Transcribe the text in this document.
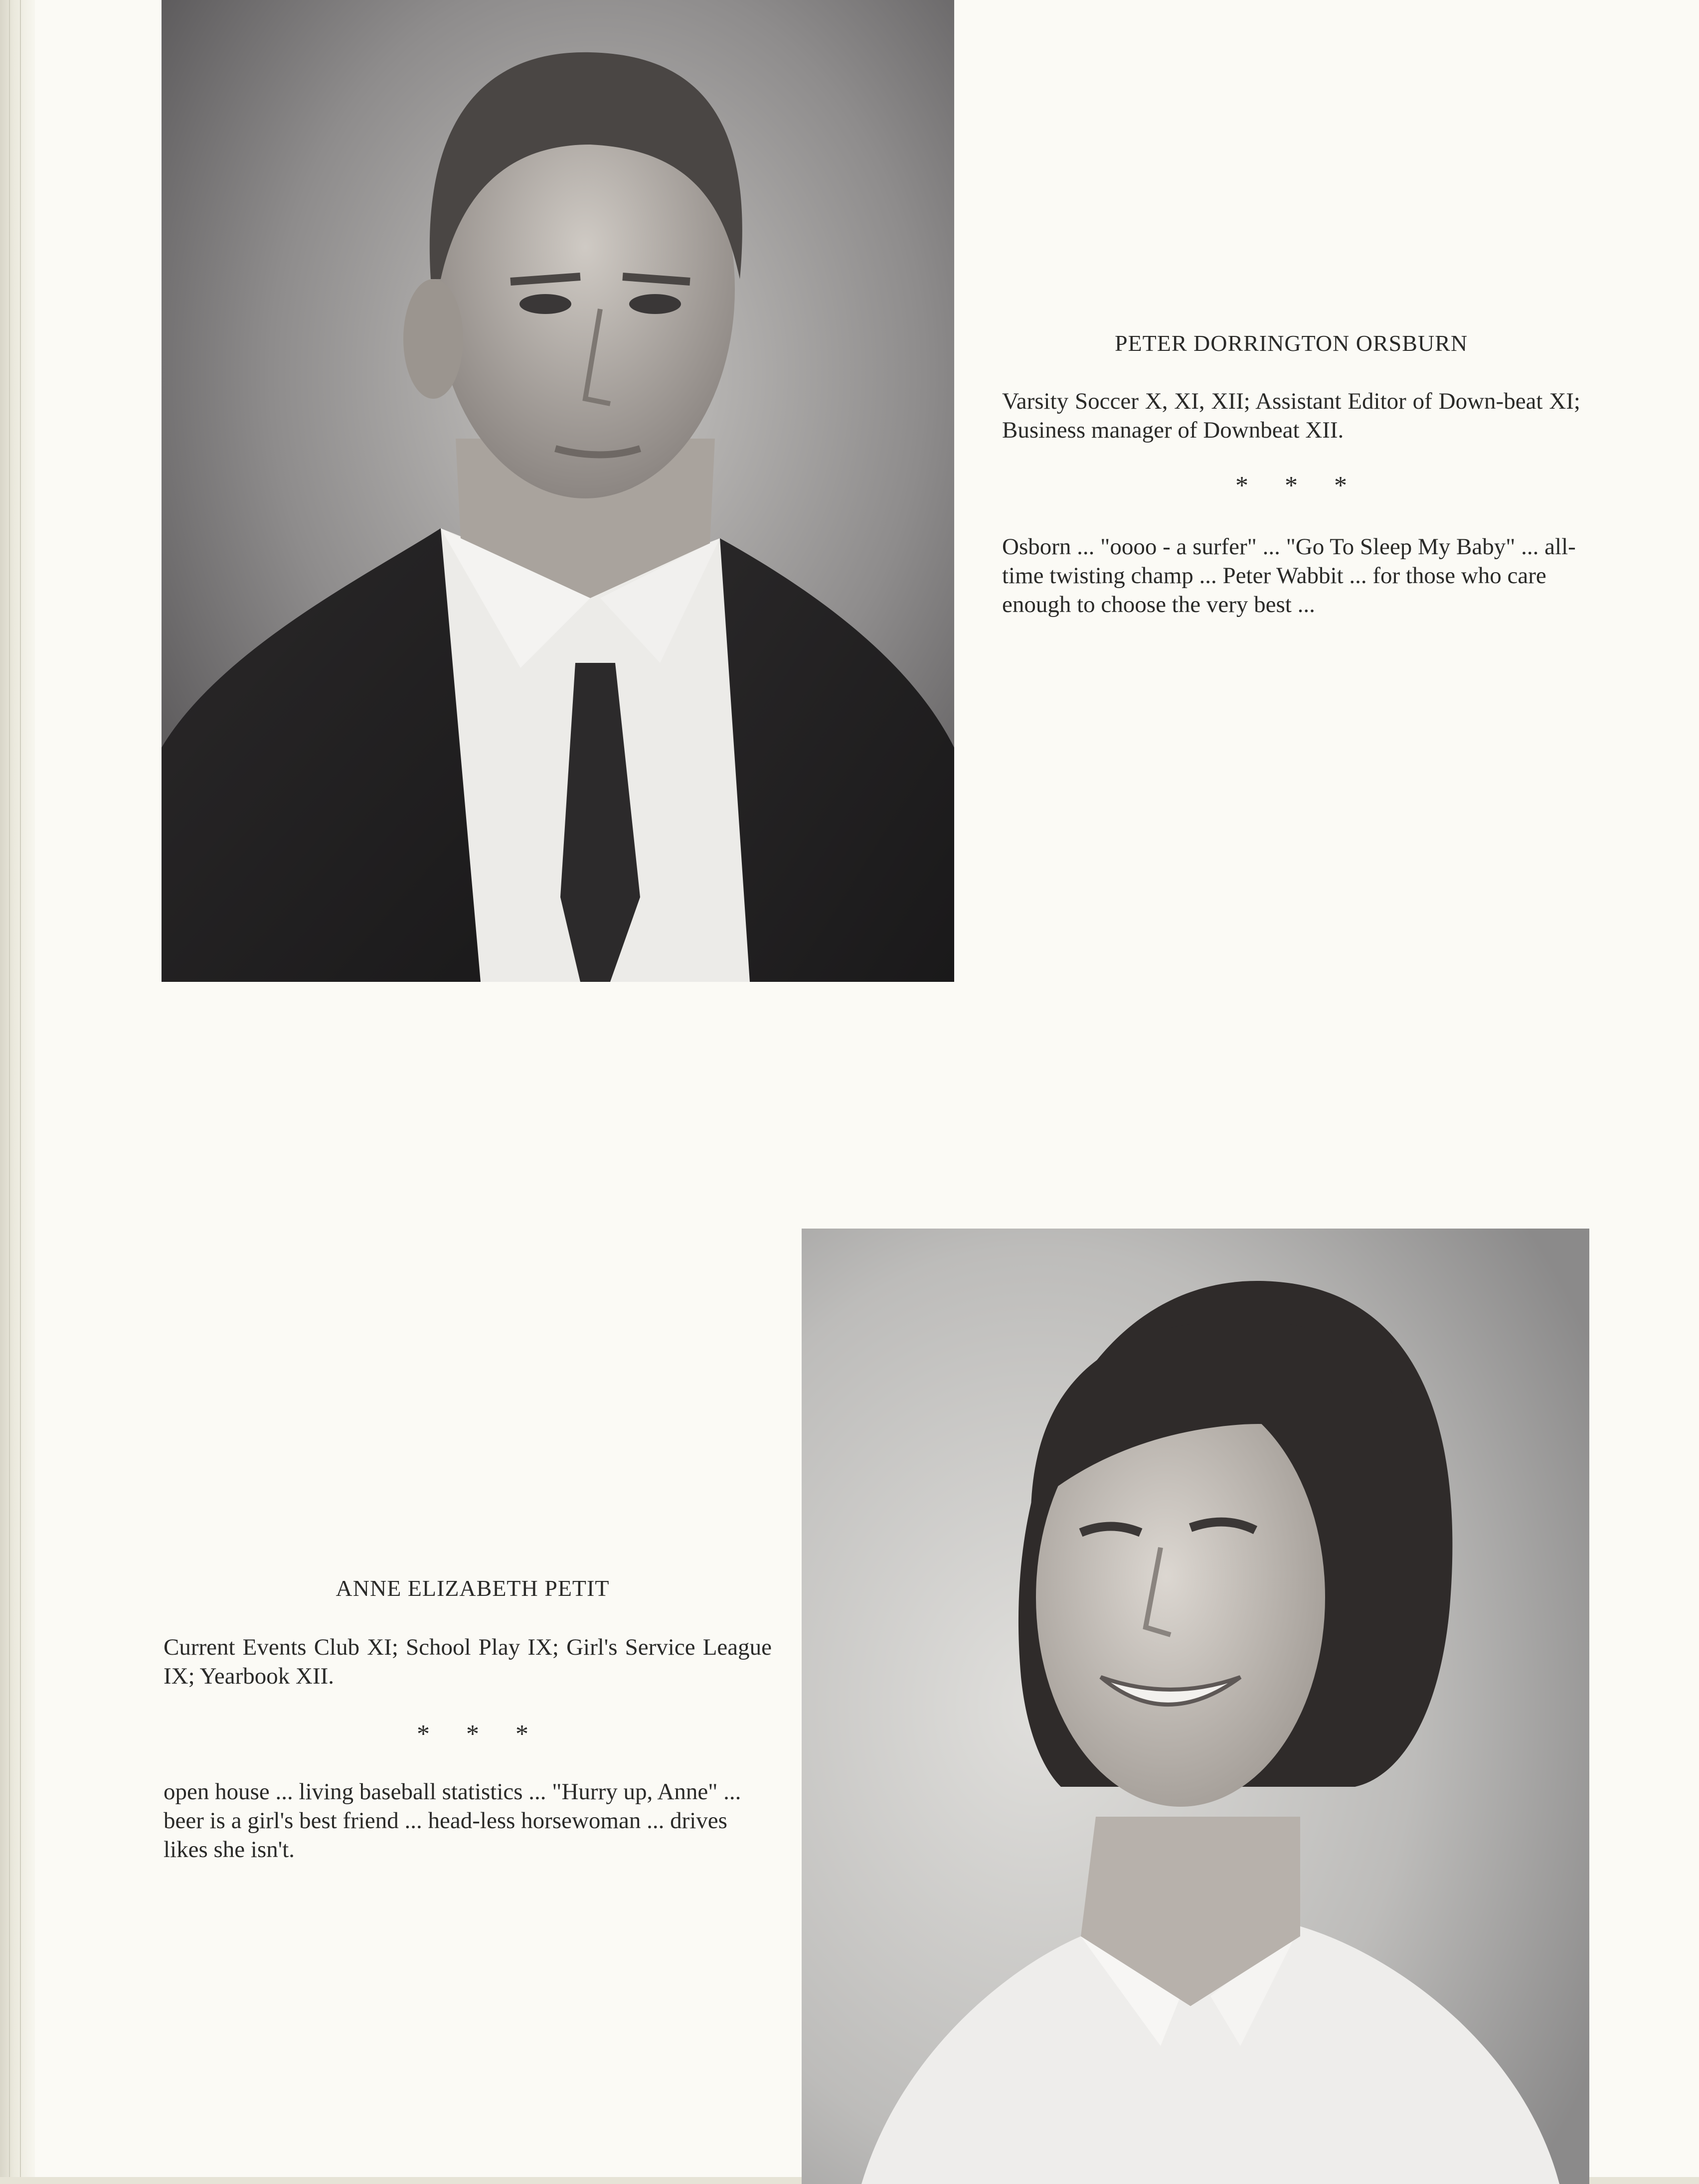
PETER DORRINGTON ORSBURN
Varsity Soccer X, XI, XII; Assistant Editor of Down-beat XI; Business manager of Downbeat XII.
* * *
Osborn ... "oooo - a surfer" ... "Go To Sleep My Baby" ... all-time twisting champ ... Peter Wabbit ... for those who care enough to choose the very best ...
ANNE ELIZABETH PETIT
Current Events Club XI; School Play IX; Girl's Service League IX; Yearbook XII.
* * *
open house ... living baseball statistics ... "Hurry up, Anne" ... beer is a girl's best friend ... head-less horsewoman ... drives likes she isn't.
